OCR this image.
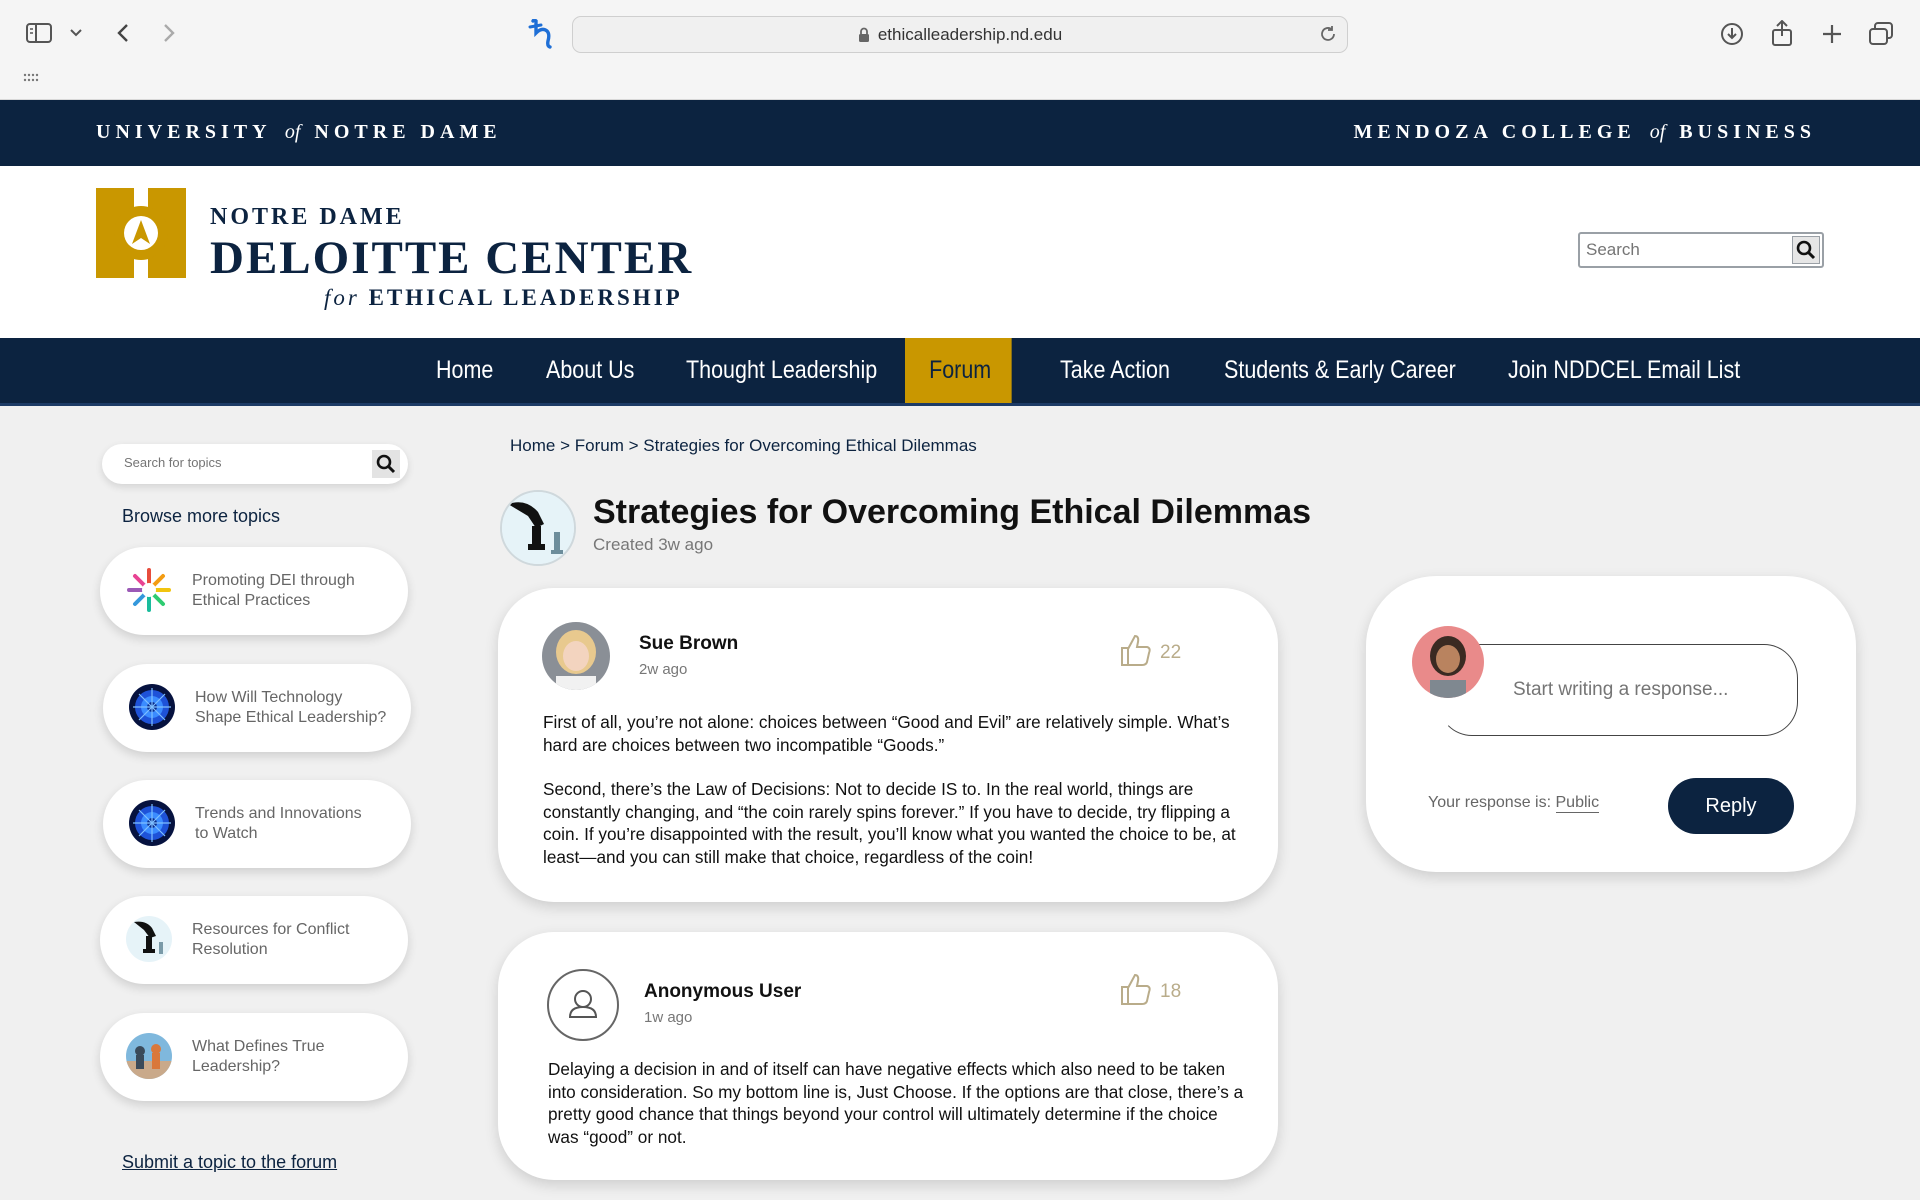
ethicalleadership.nd.edu
UNIVERSITY of NOTRE DAME	MENDOZA COLLEGE of BUSINESS
NOTRE DAME
DELOITTE CENTER
for ETHICAL LEADERSHIP
Search
Home About Us Thought Leadership	Forum	Take Action Students & Early Career Join NDDCEL Email List
Search for topics
Browse more topics
Promoting DEI through
Ethical Practices
How Will Technology
Shape Ethical Leadership?
Trends and Innovations
to Watch
Resources for Conflict
Resolution
What Defines True
Leadership?
Submit a topic to the forum
Home > Forum > Strategies for Overcoming Ethical Dilemmas
Strategies for Overcoming Ethical Dilemmas
Created 3w ago
Sue Brown
2w ago
22

First of all, you’re not alone: choices between “Good and Evil” are relatively simple. What’s hard are choices between two incompatible “Goods.”

Second, there’s the Law of Decisions: Not to decide IS to. In the real world, things are constantly changing, and “the coin rarely spins forever.” If you have to decide, try flipping a coin. If you’re disappointed with the result, you’ll know what you wanted the choice to be, at least—and you can still make that choice, regardless of the coin!

Anonymous User
1w ago
18

Delaying a decision in and of itself can have negative effects which also need to be taken into consideration. So my bottom line is, Just Choose. If the options are that close, there’s a pretty good chance that things beyond your control will ultimately determine if the choice was “good” or not.

Start writing a response...
Your response is: Public	Reply
